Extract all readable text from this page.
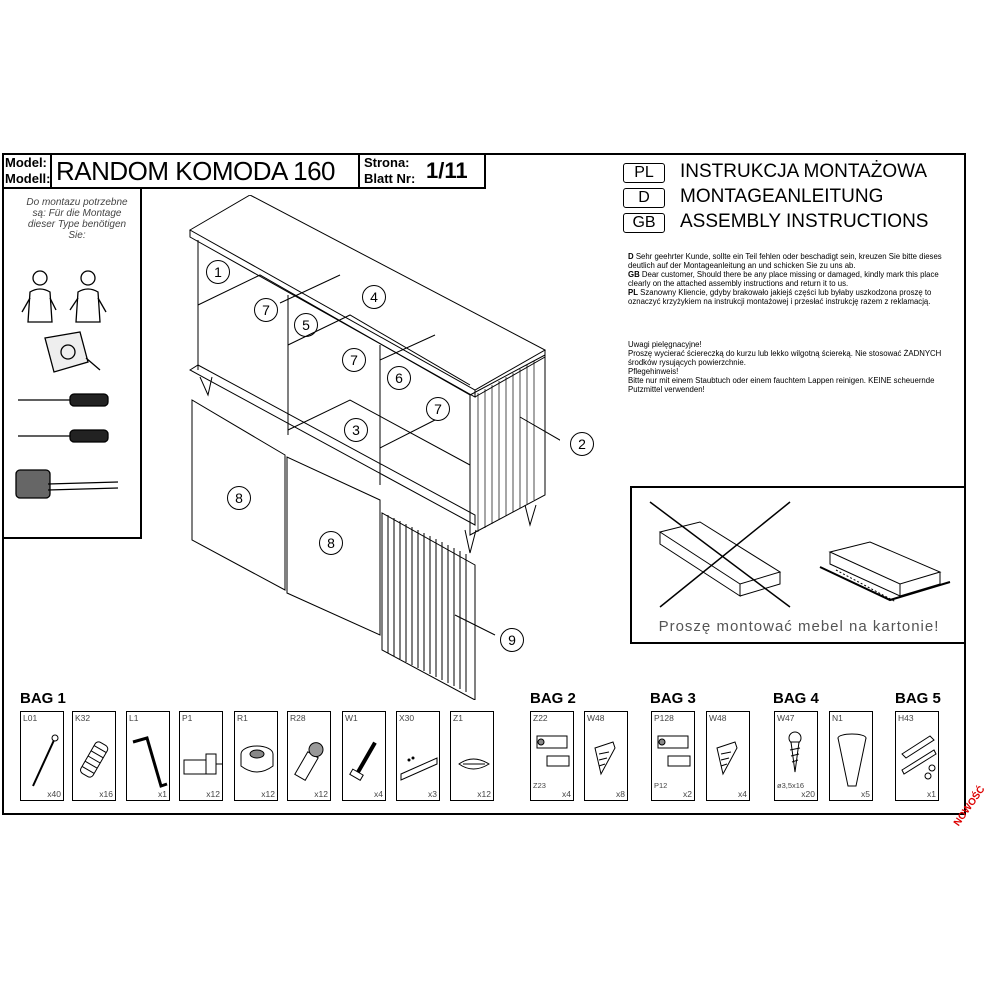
Model:
Modell: RANDOM KOMODA 160 Strona:
Blatt Nr: 1/11
Do montazu potrzebne są: Für die Montage dieser Type benötigen Sie:
1
2
3
4
5
6
7
7
7
8
8
9
PL	INSTRUKCJA MONTAŻOWA
D	MONTAGEANLEITUNG
GB	ASSEMBLY INSTRUCTIONS
D Sehr geehrter Kunde, sollte ein Teil fehlen oder beschadigt sein, kreuzen Sie bitte dieses deutlich auf der Montageanleitung an und schicken Sie zu uns ab.
GB Dear customer, Should there be any place missing or damaged, kindly mark this place clearly on the attached assembly instructions and return it to us.
PL Szanowny Kliencie, gdyby brakowało jakiejś części lub byłaby uszkodzona proszę to oznaczyć krzyżykiem na instrukcji montażowej i przesłać instrukcję razem z reklamacją.
Uwagi pielęgnacyjne!
Proszę wycierać ściereczką do kurzu lub lekko wilgotną ściereką. Nie stosować ŻADNYCH środków rysujących powierzchnie.
Pflegehinweis!
Bitte nur mit einem Staubtuch oder einem fauchtem Lappen reinigen. KEINE scheuernde Putzmittel verwenden!
Proszę montować mebel na kartonie!
BAG 1	BAG 2	BAG 3	BAG 4	BAG 5
L01
x40
K32
x16
L1
x1
P1
x12
R1
x12
R28
x12
W1
x4
X30
x3
Z1
x12
Z22
Z23
x4
W48
x8
P128
P12
x2
W48
x4
W47
ø3,5x16
x20
N1
x5
H43
x1 NOWOŚĆ
